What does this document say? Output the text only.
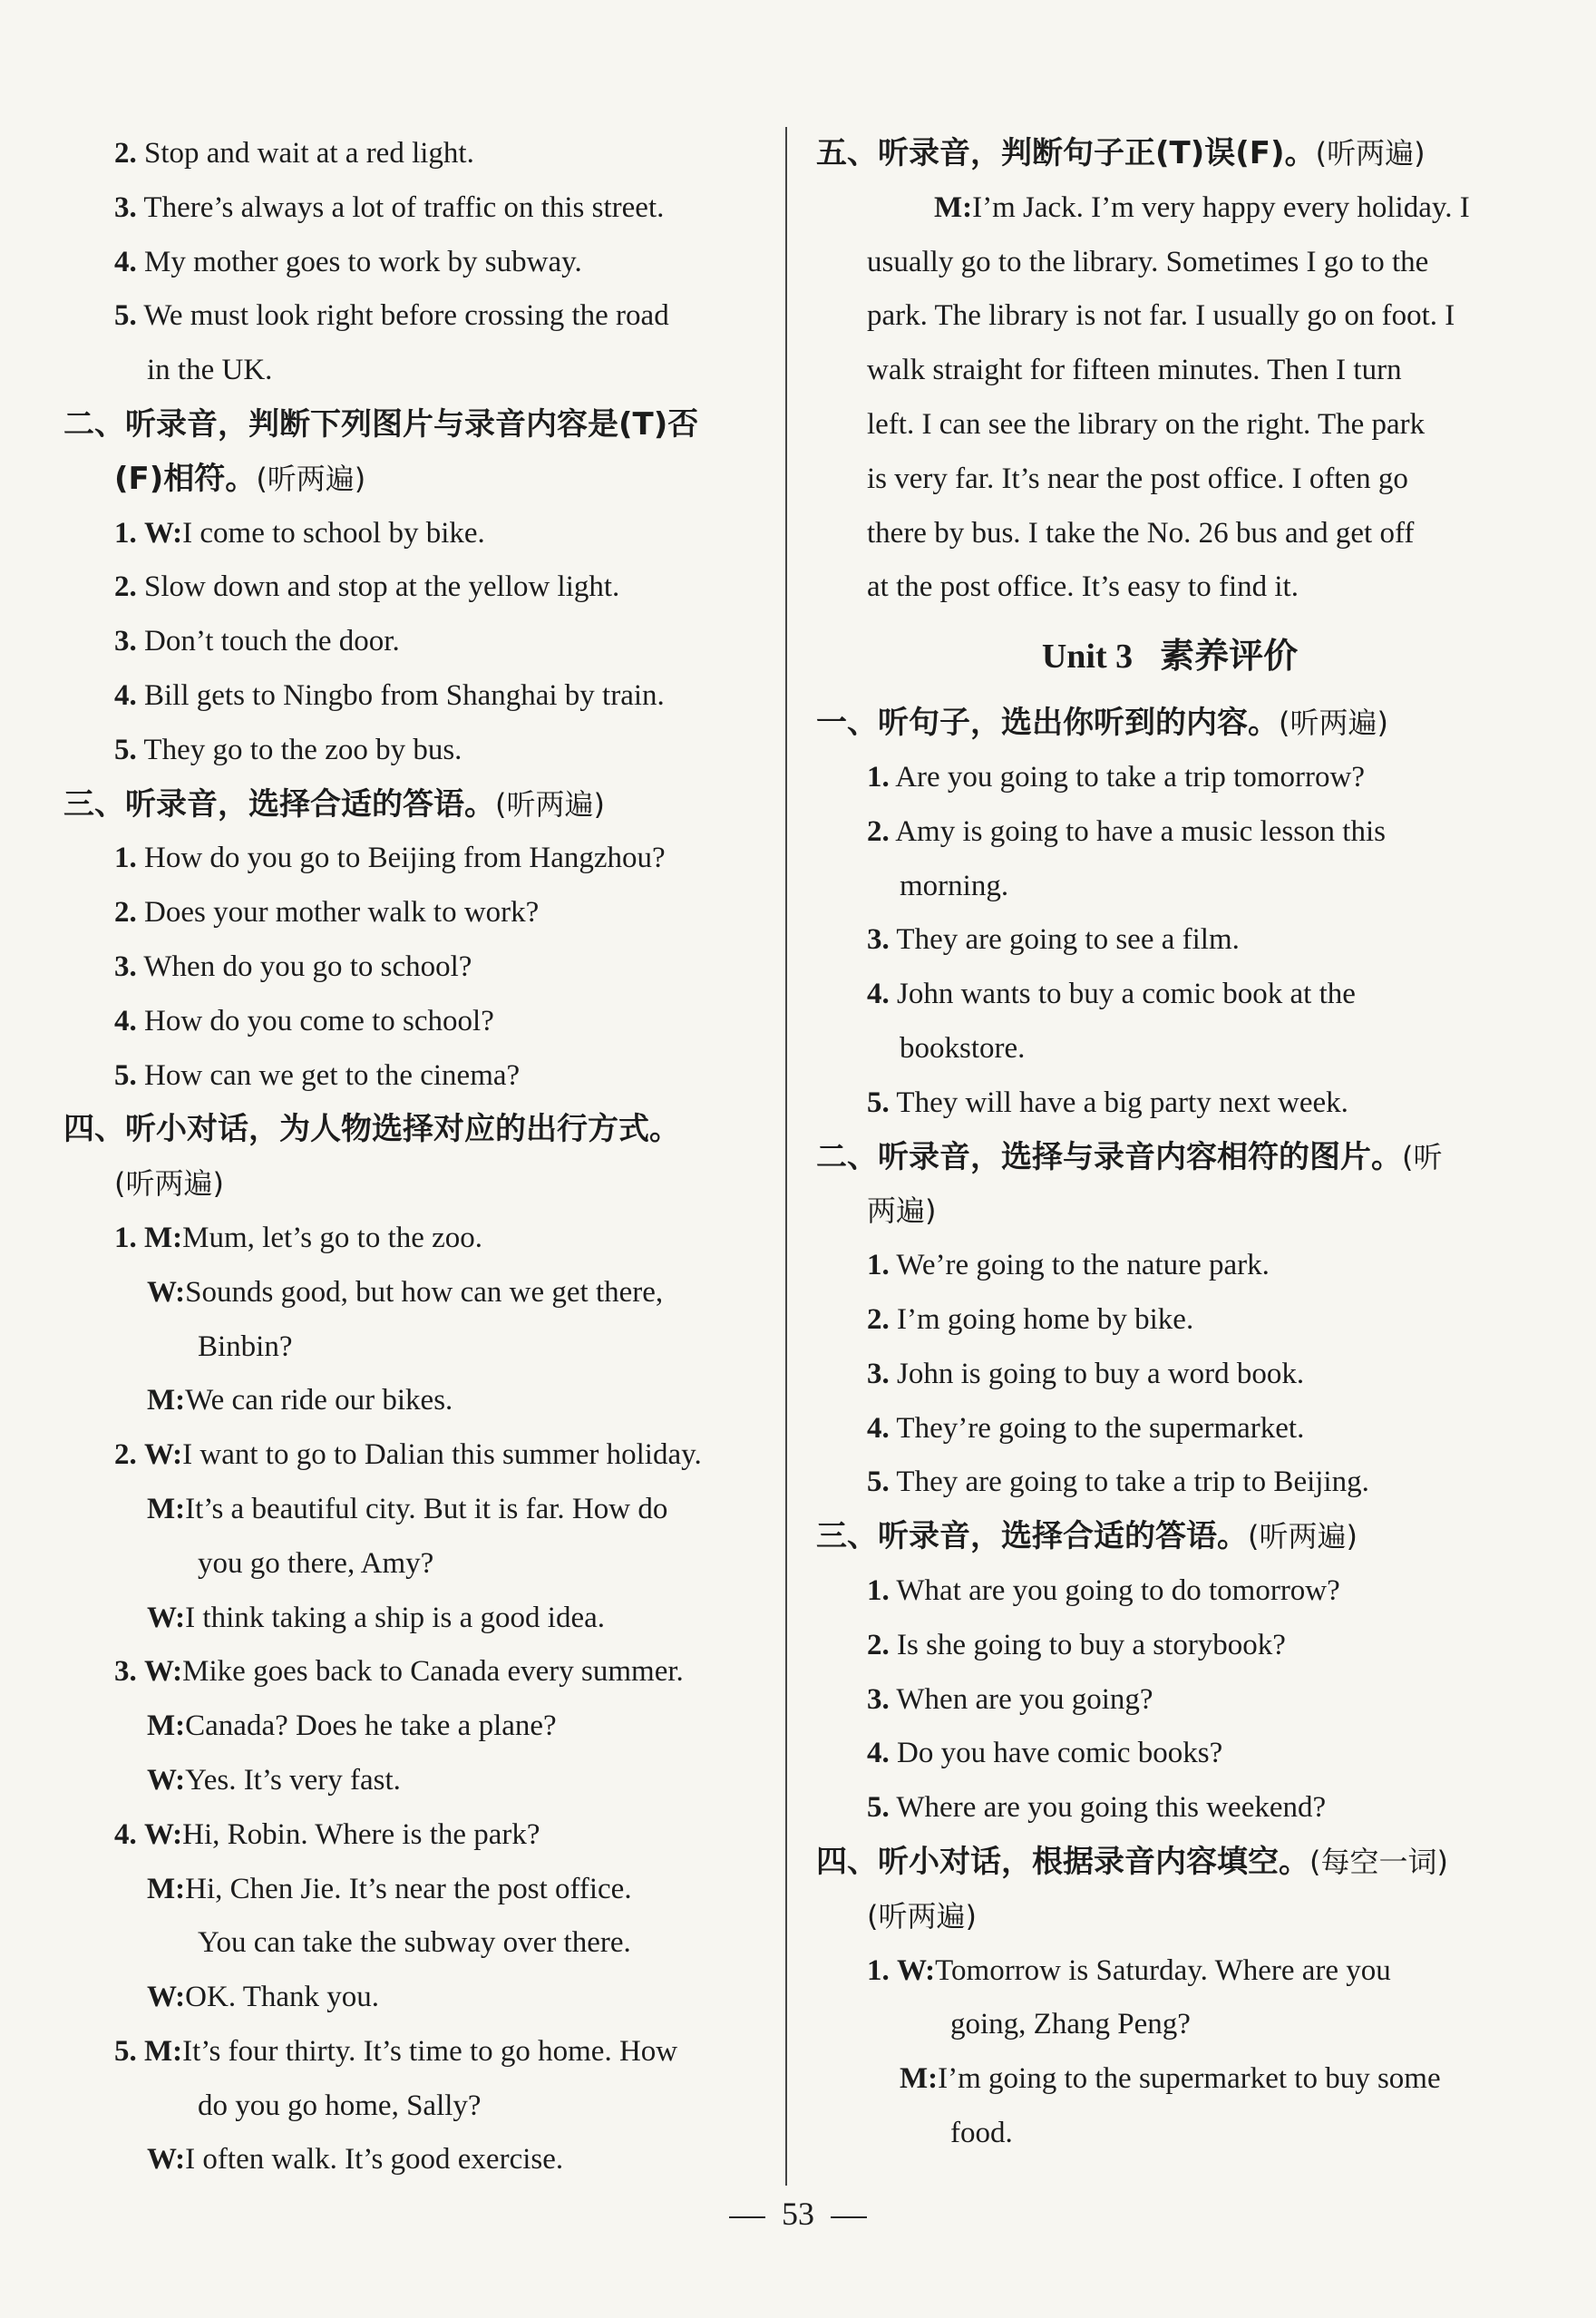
2. Stop and wait at a red light.
3. There’s always a lot of traffic on this street.
4. My mother goes to work by subway.
5. We must look right before crossing the road
in the UK.
二、听录音，判断下列图片与录音内容是(T)否
(F)相符。(听两遍)
1. W:I come to school by bike.
2. Slow down and stop at the yellow light.
3. Don’t touch the door.
4. Bill gets to Ningbo from Shanghai by train.
5. They go to the zoo by bus.
三、听录音，选择合适的答语。(听两遍)
1. How do you go to Beijing from Hangzhou?
2. Does your mother walk to work?
3. When do you go to school?
4. How do you come to school?
5. How can we get to the cinema?
四、听小对话，为人物选择对应的出行方式。
(听两遍)
1. M:Mum, let’s go to the zoo.
W:Sounds good, but how can we get there,
Binbin?
M:We can ride our bikes.
2. W:I want to go to Dalian this summer holiday.
M:It’s a beautiful city. But it is far. How do
you go there, Amy?
W:I think taking a ship is a good idea.
3. W:Mike goes back to Canada every summer.
M:Canada? Does he take a plane?
W:Yes. It’s very fast.
4. W:Hi, Robin. Where is the park?
M:Hi, Chen Jie. It’s near the post office.
You can take the subway over there.
W:OK. Thank you.
5. M:It’s four thirty. It’s time to go home. How
do you go home, Sally?
W:I often walk. It’s good exercise.
五、听录音，判断句子正(T)误(F)。(听两遍)
M:I’m Jack. I’m very happy every holiday. I
usually go to the library. Sometimes I go to the
park. The library is not far. I usually go on foot. I
walk straight for fifteen minutes. Then I turn
left. I can see the library on the right. The park
is very far. It’s near the post office. I often go
there by bus. I take the No. 26 bus and get off
at the post office. It’s easy to find it.
Unit 3 素养评价
一、听句子，选出你听到的内容。(听两遍)
1. Are you going to take a trip tomorrow?
2. Amy is going to have a music lesson this
morning.
3. They are going to see a film.
4. John wants to buy a comic book at the
bookstore.
5. They will have a big party next week.
二、听录音，选择与录音内容相符的图片。(听
两遍)
1. We’re going to the nature park.
2. I’m going home by bike.
3. John is going to buy a word book.
4. They’re going to the supermarket.
5. They are going to take a trip to Beijing.
三、听录音，选择合适的答语。(听两遍)
1. What are you going to do tomorrow?
2. Is she going to buy a storybook?
3. When are you going?
4. Do you have comic books?
5. Where are you going this weekend?
四、听小对话，根据录音内容填空。(每空一词)
(听两遍)
1. W:Tomorrow is Saturday. Where are you
going, Zhang Peng?
M:I’m going to the supermarket to buy some
food.
53
